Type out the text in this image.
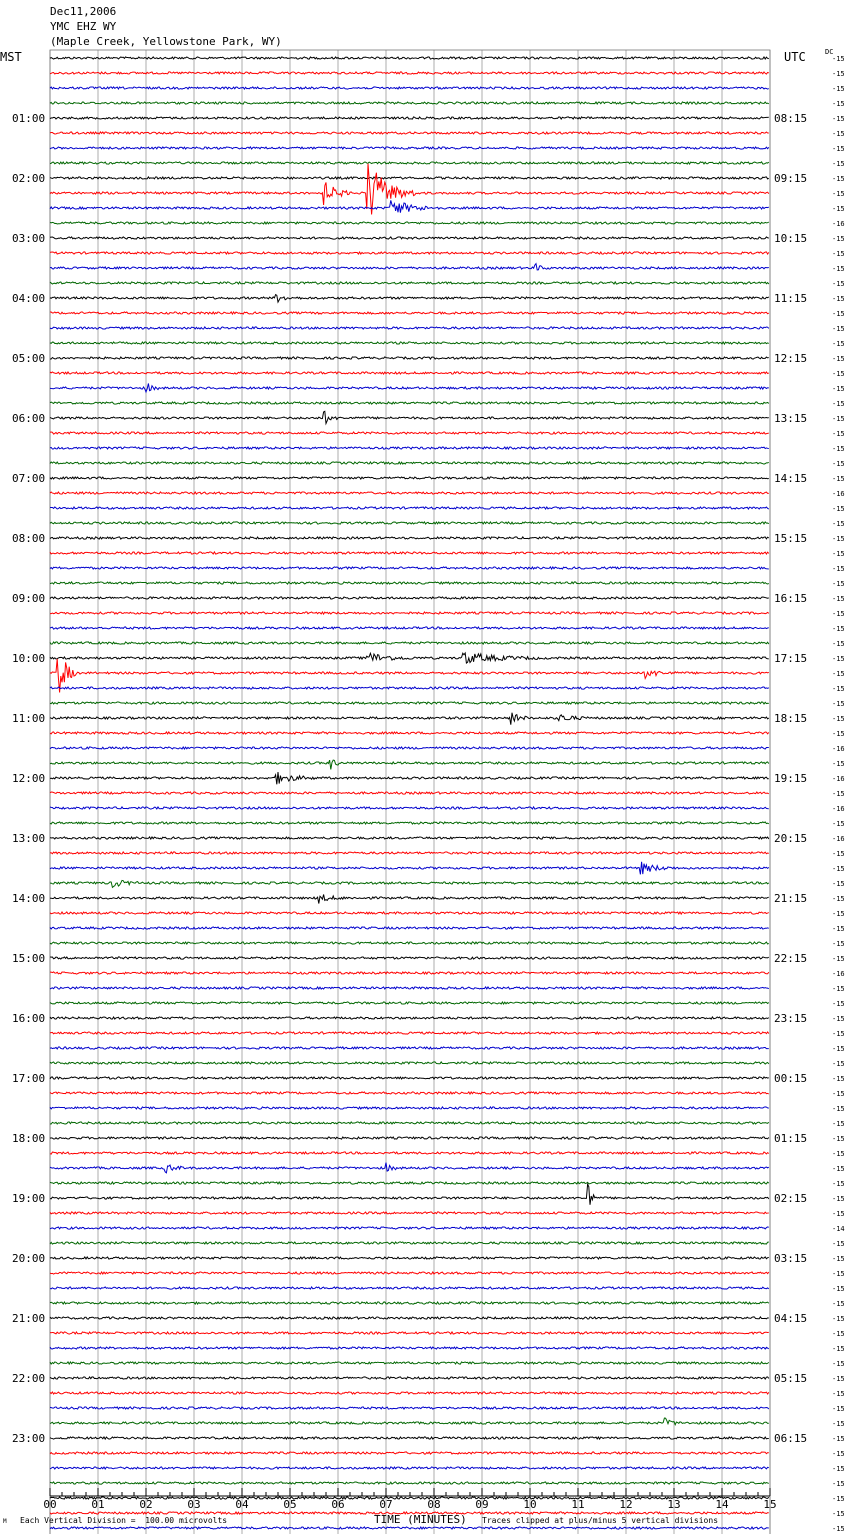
Dec11,2006
YMC EHZ WY
(Maple Creek, Yellowstone Park, WY)
MST	UTC	DC
00	01	02	03	04	05	06	07	08	09	10	11	12	13	14	15
-15
-15
-15
-15
-15
-15
-15
-15
-15
-15
-15
-16
-15
-15
-15
-15
-15
-15
-15
-15
-15
-15
-15
-15
-15
-15
-15
-15
-15
-16
-15
-15
-15
-15
-15
-15
-15
-15
-15
-15
-15
-15
-15
-15
-15
-15
-16
-15
-16
-15
-16
-15
-16
-15
-15
-15
-15
-15
-15
-15
-15
-16
-15
-15
-15
-15
-15
-15
-15
-15
-15
-15
-15
-15
-15
-15
-15
-15
-14
-15
-15
-15
-15
-15
-15
-15
-15
-15
-15
-15
-15
-15
-15
-15
-15
-15
-15
-15
-15
01:00
02:00
03:00
04:00
05:00
06:00
07:00
08:00
09:00
10:00
11:00
12:00
13:00
14:00
15:00
16:00
17:00
18:00
19:00
20:00
21:00
22:00
23:00
08:15
09:15
10:15
11:15
12:15
13:15
14:15
15:15
16:15
17:15
18:15
19:15
20:15
21:15
22:15
23:15
00:15
01:15
02:15
03:15
04:15
05:15
06:15
M Each Vertical Division =  100.00 microvolts	TIME (MINUTES) Traces clipped at plus/minus 5 vertical divisions
